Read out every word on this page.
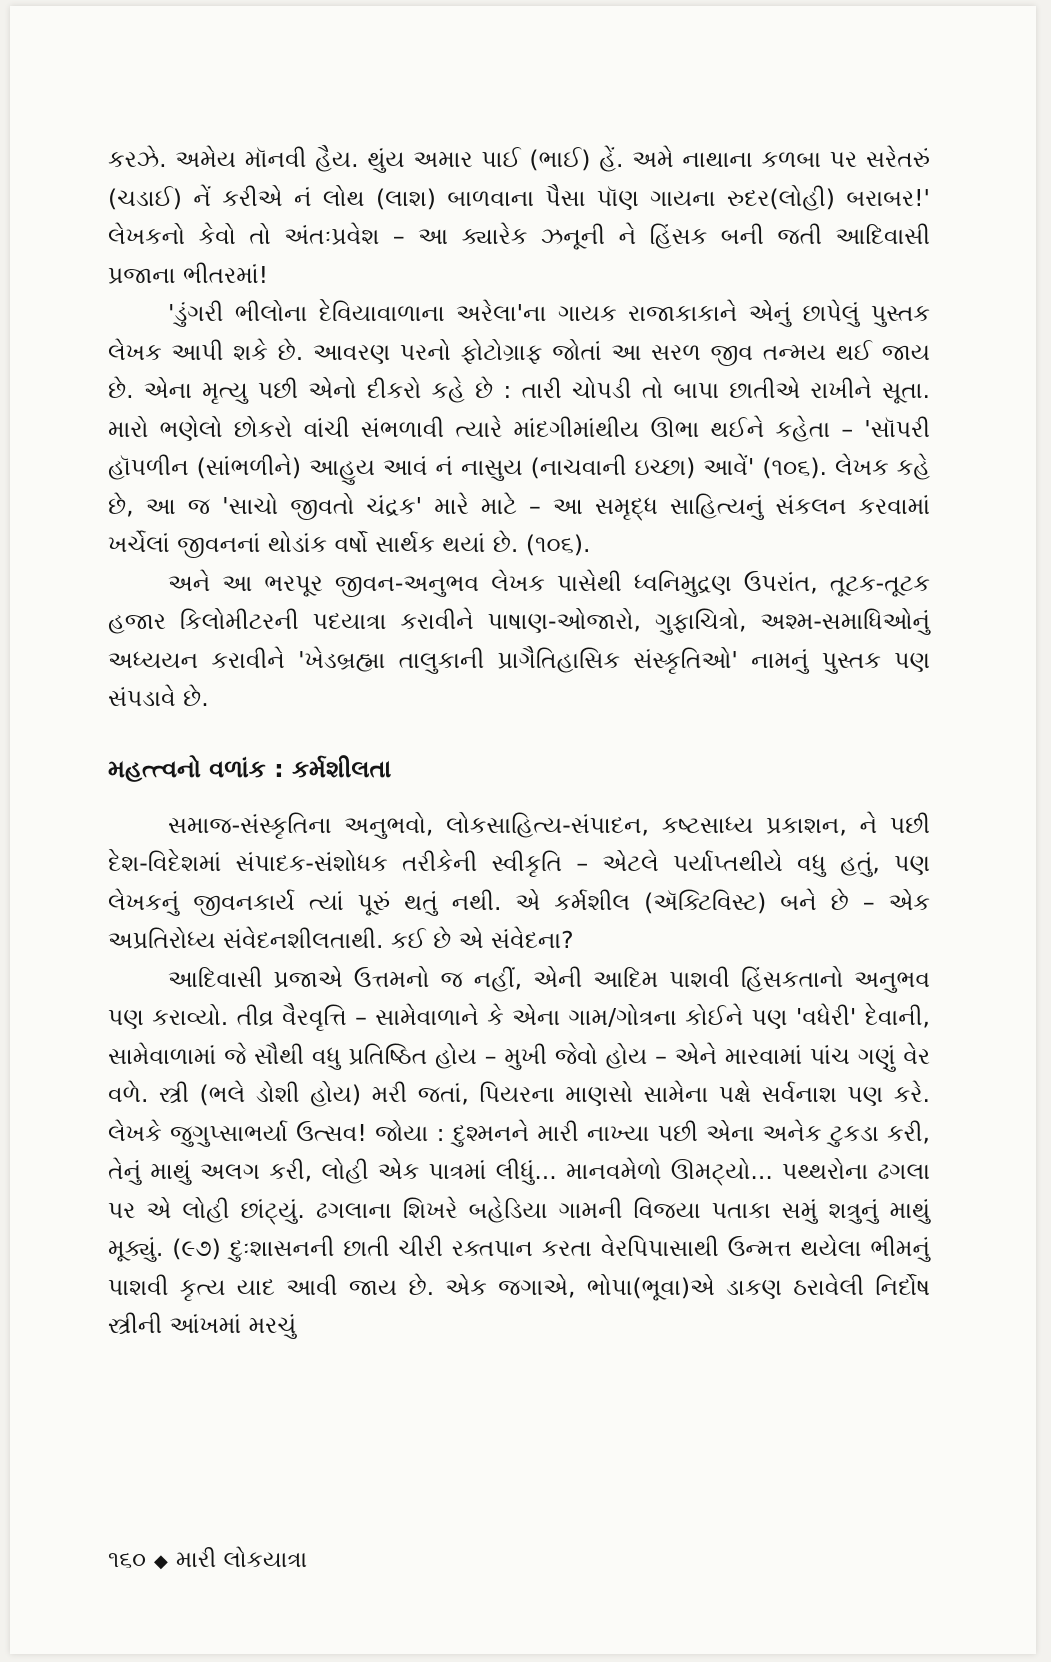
કરઝે. અમેય મૉનવી હૈય. થુંય અમાર પાઈ (ભાઈ) હેં. અમે નાથાના કળબા પર સરેતરું (ચડાઈ) નેં કરીએ નં લોથ (લાશ) બાળવાના પૈસા પૉણ ગાયના રુદર(લોહી) બરાબર!' લેખકનો કેવો તો અંતઃપ્રવેશ – આ ક્યારેક ઝનૂની ને હિંસક બની જતી આદિવાસી પ્રજાના ભીતરમાં!

'ડુંગરી ભીલોના દેવિયાવાળાના અરેલા'ના ગાયક રાજાકાકાને એનું છાપેલું પુસ્તક લેખક આપી શકે છે. આવરણ પરનો ફોટોગ્રાફ જોતાં આ સરળ જીવ તન્મય થઈ જાય છે. એના મૃત્યુ પછી એનો દીકરો કહે છે : તારી ચોપડી તો બાપા છાતીએ રાખીને સૂતા. મારો ભણેલો છોકરો વાંચી સંભળાવી ત્યારે માંદગીમાંથીય ઊભા થઈને કહેતા – 'સૉપરી હૉપળીન (સાંભળીને) આહુય આવં નં નાસુય (નાચવાની ઇચ્છા) આવેં' (૧૦૬). લેખક કહે છે, આ જ 'સાચો જીવતો ચંદ્રક' મારે માટે – આ સમૃદ્ધ સાહિત્યનું સંકલન કરવામાં ખર્ચેલાં જીવનનાં થોડાંક વર્ષો સાર્થક થયાં છે. (૧૦૬).

અને આ ભરપૂર જીવન-અનુભવ લેખક પાસેથી ધ્વનિમુદ્રણ ઉપરાંત, તૂટક-તૂટક હજાર કિલોમીટરની પદયાત્રા કરાવીને પાષાણ-ઓજારો, ગુફાચિત્રો, અશ્મ-સમાધિઓનું અધ્યયન કરાવીને 'ખેડબ્રહ્મા તાલુકાની પ્રાગૈતિહાસિક સંસ્કૃતિઓ' નામનું પુસ્તક પણ સંપડાવે છે.

મહત્ત્વનો વળાંક : કર્મશીલતા

સમાજ-સંસ્કૃતિના અનુભવો, લોકસાહિત્ય-સંપાદન, કષ્ટસાધ્ય પ્રકાશન, ને પછી દેશ-વિદેશમાં સંપાદક-સંશોધક તરીકેની સ્વીકૃતિ – એટલે પર્યાપ્તથીયે વધુ હતું, પણ લેખકનું જીવનકાર્ય ત્યાં પૂરું થતું નથી. એ કર્મશીલ (ઍક્ટિવિસ્ટ) બને છે – એક અપ્રતિરોધ્ય સંવેદનશીલતાથી. કઈ છે એ સંવેદના?

આદિવાસી પ્રજાએ ઉત્તમનો જ નહીં, એની આદિમ પાશવી હિંસકતાનો અનુભવ પણ કરાવ્યો. તીવ્ર વૈરવૃત્તિ – સામેવાળાને કે એના ગામ/ગોત્રના કોઈને પણ 'વધેરી' દેવાની, સામેવાળામાં જે સૌથી વધુ પ્રતિષ્ઠિત હોય – મુખી જેવો હોય – એને મારવામાં પાંચ ગણું વેર વળે. સ્ત્રી (ભલે ડોશી હોય) મરી જતાં, પિયરના માણસો સામેના પક્ષે સર્વનાશ પણ કરે. લેખકે જુગુપ્સાભર્યા ઉત્સવ! જોયા : દુશ્મનને મારી નાખ્યા પછી એના અનેક ટુકડા કરી, તેનું માથું અલગ કરી, લોહી એક પાત્રમાં લીધું... માનવમેળો ઊમટ્યો... પથ્થરોના ઢગલા પર એ લોહી છાંટ્યું. ઢગલાના શિખરે બહેડિયા ગામની વિજયા પતાકા સમું શત્રુનું માથું મૂક્યું. (૯૭) દુઃશાસનની છાતી ચીરી રક્તપાન કરતા વેરપિપાસાથી ઉન્મત્ત થયેલા ભીમનું પાશવી કૃત્ય યાદ આવી જાય છે. એક જગાએ, ભોપા(ભૂવા)એ ડાકણ ઠરાવેલી નિર્દોષ સ્ત્રીની આંખમાં મરચું

૧૬૦ ◆ મારી લોકયાત્રા
